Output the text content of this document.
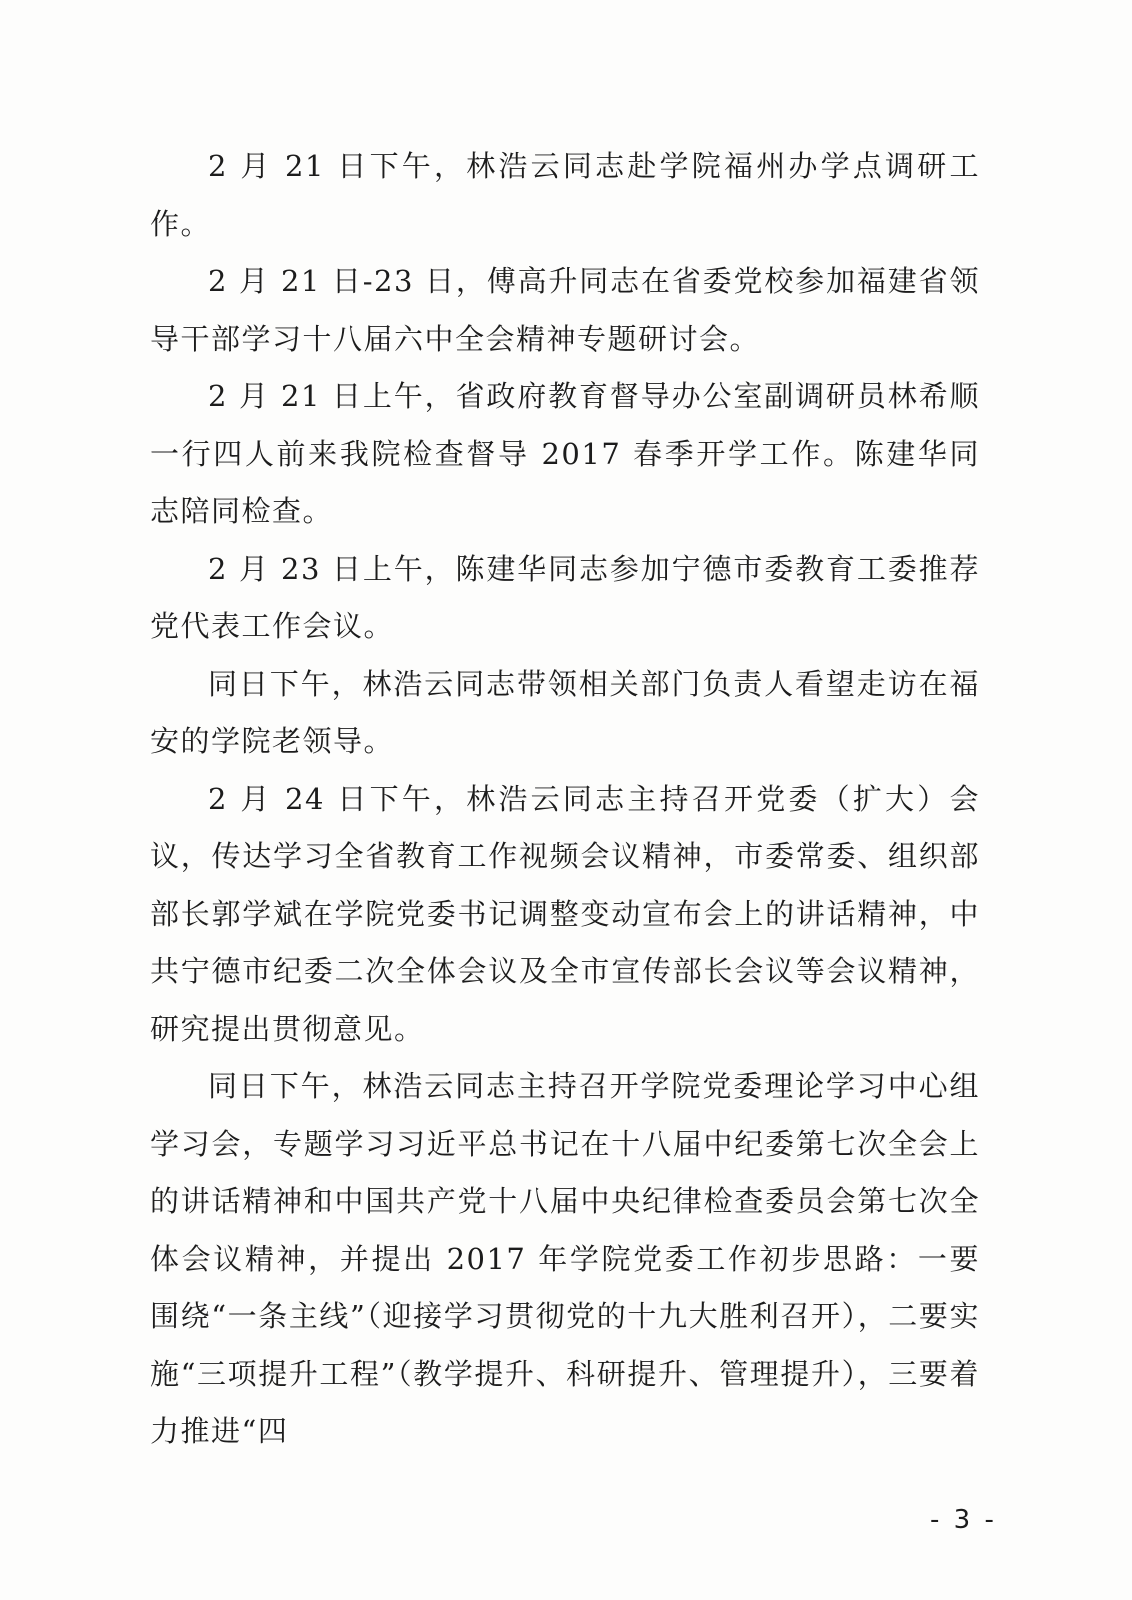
2 月 21 日下午，林浩云同志赴学院福州办学点调研工作。

2 月 21 日-23 日，傅高升同志在省委党校参加福建省领导干部学习十八届六中全会精神专题研讨会。

2 月 21 日上午，省政府教育督导办公室副调研员林希顺一行四人前来我院检查督导 2017 春季开学工作。陈建华同志陪同检查。

2 月 23 日上午，陈建华同志参加宁德市委教育工委推荐党代表工作会议。

同日下午，林浩云同志带领相关部门负责人看望走访在福安的学院老领导。

2 月 24 日下午，林浩云同志主持召开党委（扩大）会议，传达学习全省教育工作视频会议精神，市委常委、组织部部长郭学斌在学院党委书记调整变动宣布会上的讲话精神，中共宁德市纪委二次全体会议及全市宣传部长会议等会议精神，研究提出贯彻意见。

同日下午，林浩云同志主持召开学院党委理论学习中心组学习会，专题学习习近平总书记在十八届中纪委第七次全会上的讲话精神和中国共产党十八届中央纪律检查委员会第七次全体会议精神，并提出 2017 年学院党委工作初步思路：一要围绕“一条主线”（迎接学习贯彻党的十九大胜利召开），二要实施“三项提升工程”（教学提升、科研提升、管理提升），三要着力推进“四

- 3 -
